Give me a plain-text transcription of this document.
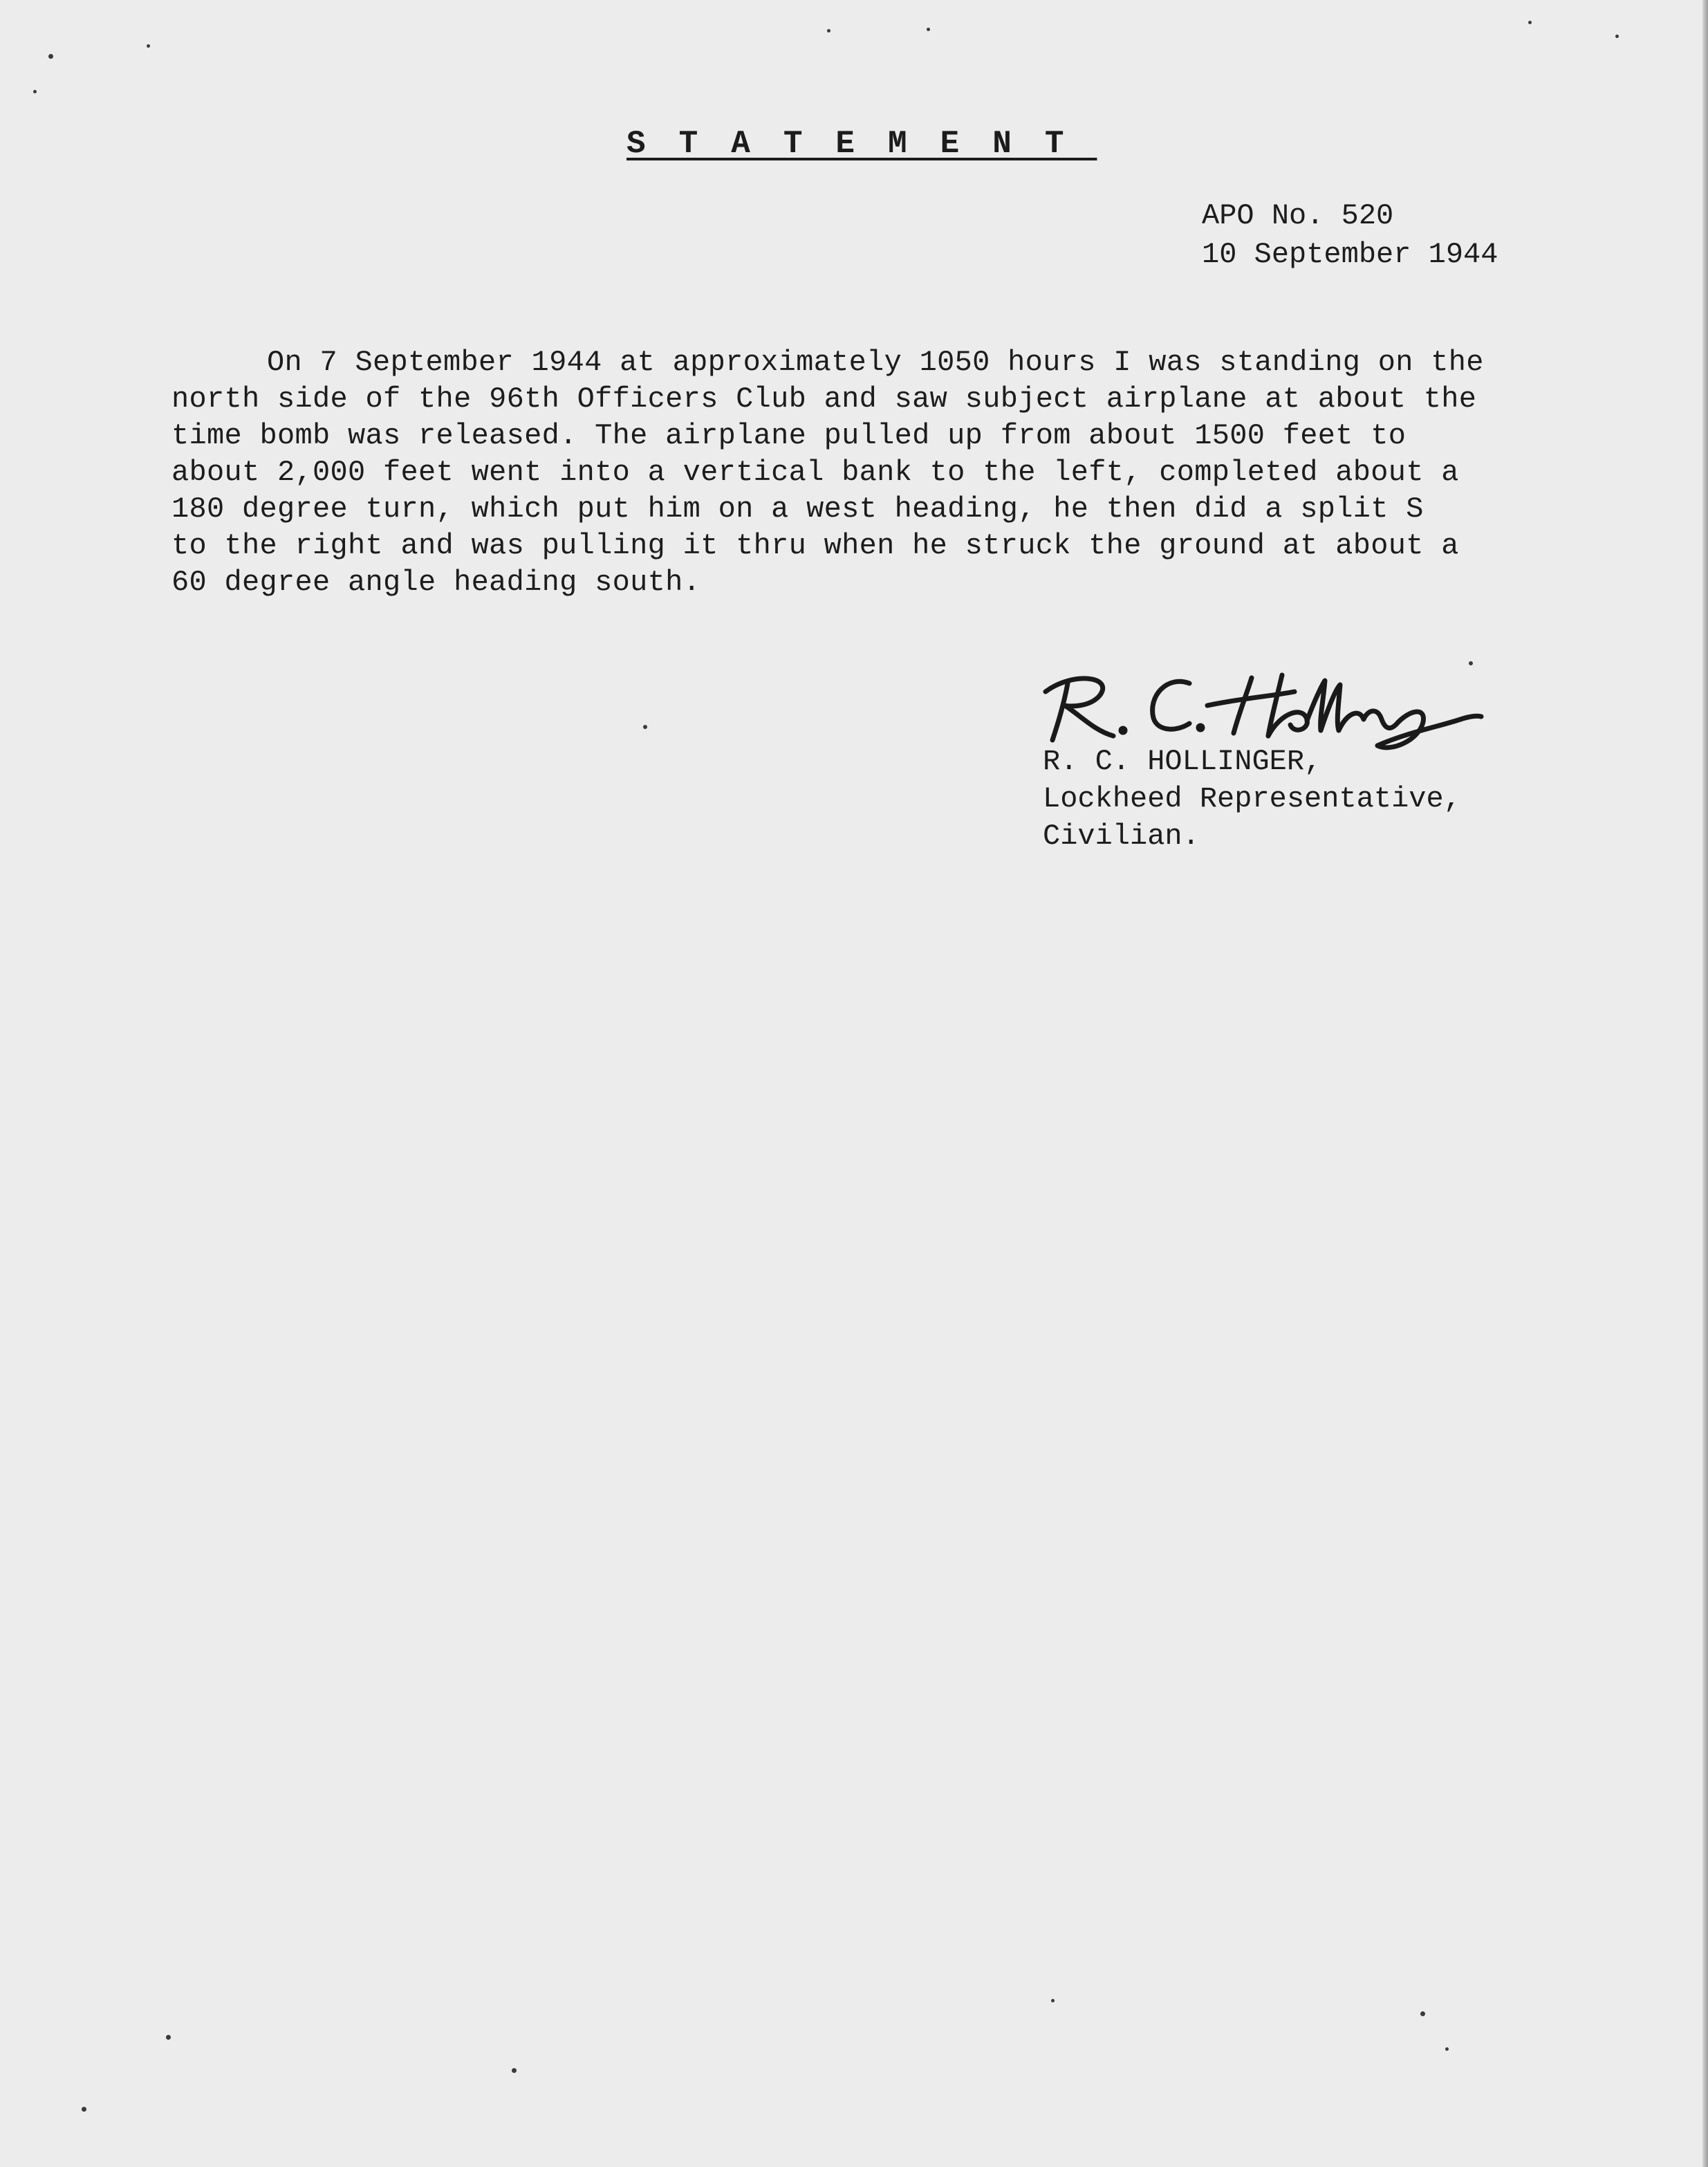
STATEMENT
APO No. 520
10 September 1944
On 7 September 1944 at approximately 1050 hours I was standing on the
north side of the 96th Officers Club and saw subject airplane at about the
time bomb was released. The airplane pulled up from about 1500 feet to
about 2,000 feet went into a vertical bank to the left, completed about a
180 degree turn, which put him on a west heading, he then did a split S
to the right and was pulling it thru when he struck the ground at about a
60 degree angle heading south.
R. C. HOLLINGER,
Lockheed Representative,
Civilian.
